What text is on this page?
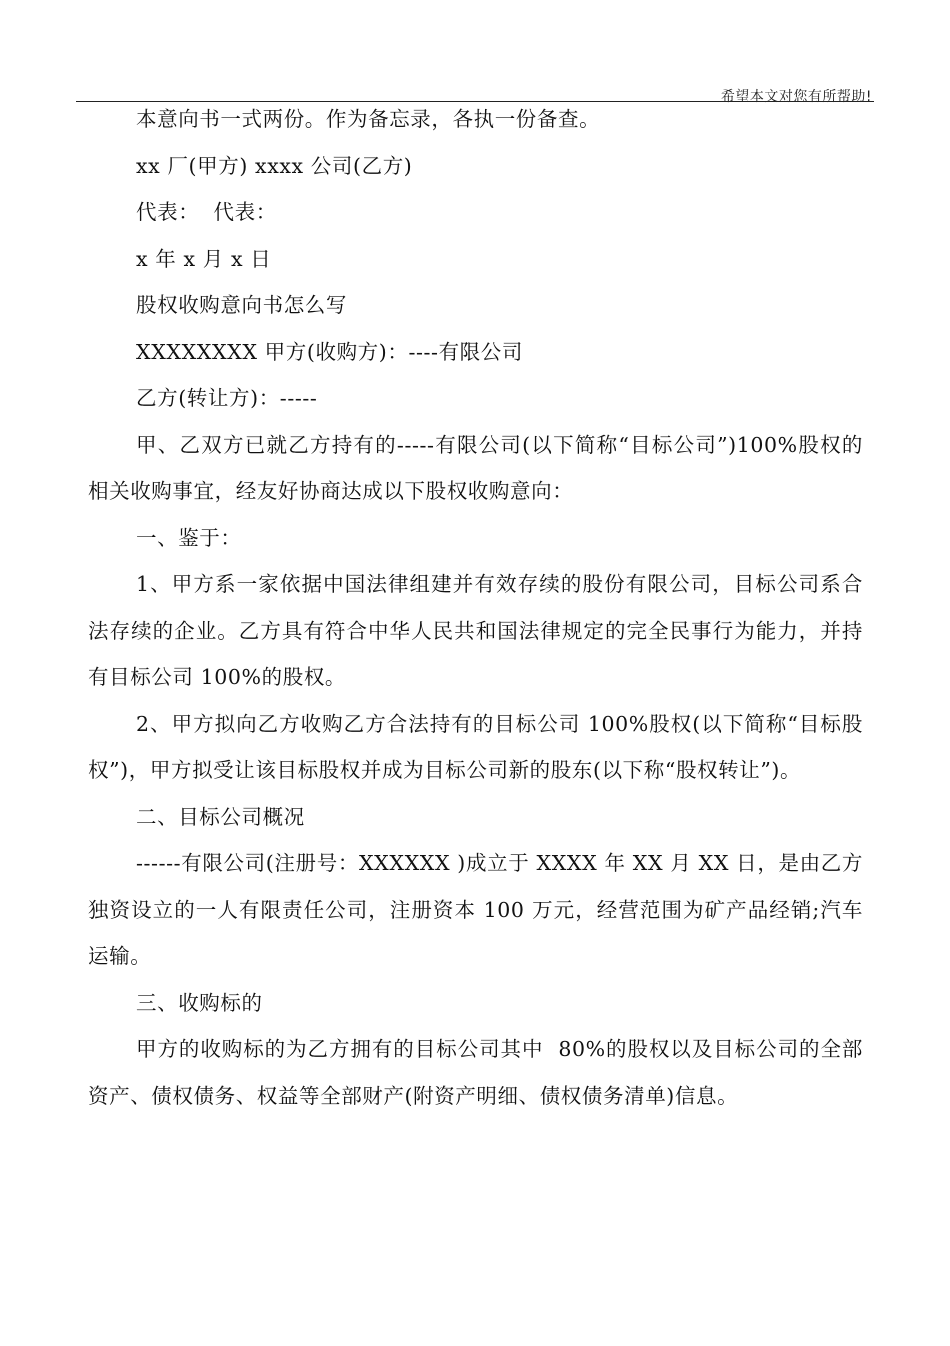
希望本文对您有所帮助!

本意向书一式两份。作为备忘录，各执一份备查。

xx 厂(甲方) xxxx 公司(乙方)

代表：  代表：

x 年 x 月 x 日

股权收购意向书怎么写

XXXXXXXX 甲方(收购方)：----有限公司

乙方(转让方)：-----

甲、乙双方已就乙方持有的-----有限公司(以下简称“目标公司”)100%股权的相关收购事宜，经友好协商达成以下股权收购意向：

一、鉴于：

1、甲方系一家依据中国法律组建并有效存续的股份有限公司，目标公司系合法存续的企业。乙方具有符合中华人民共和国法律规定的完全民事行为能力，并持有目标公司 100%的股权。

2、甲方拟向乙方收购乙方合法持有的目标公司 100%股权(以下简称“目标股权”)，甲方拟受让该目标股权并成为目标公司新的股东(以下称“股权转让”)。

二、目标公司概况

------有限公司(注册号：XXXXXX )成立于 XXXX 年 XX 月 XX 日，是由乙方独资设立的一人有限责任公司，注册资本 100 万元，经营范围为矿产品经销;汽车运输。

三、收购标的

甲方的收购标的为乙方拥有的目标公司其中  80%的股权以及目标公司的全部资产、债权债务、权益等全部财产(附资产明细、债权债务清单)信息。
